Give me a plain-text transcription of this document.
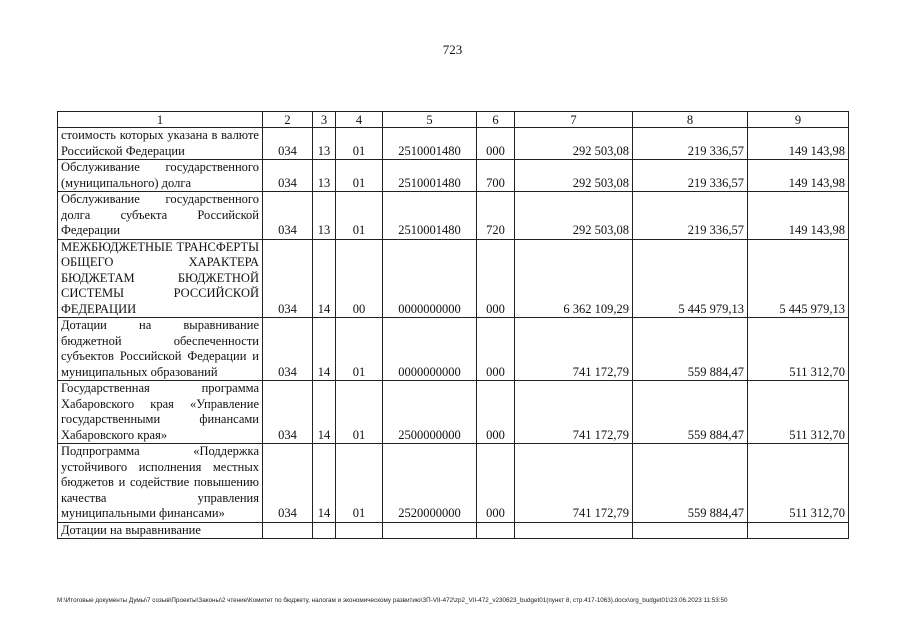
723
1	2	3	4	5	6	7	8	9
стоимость которых указана в валюте Российской Федерации	034	13	01	2510001480	000	292 503,08	219 336,57	149 143,98
Обслуживание государственного (муниципального) долга	034	13	01	2510001480	700	292 503,08	219 336,57	149 143,98
Обслуживание государственного долга субъекта Российской Федерации	034	13	01	2510001480	720	292 503,08	219 336,57	149 143,98
МЕЖБЮДЖЕТНЫЕ ТРАНСФЕРТЫ ОБЩЕГО ХАРАКТЕРА БЮДЖЕТАМ БЮДЖЕТНОЙ СИСТЕМЫ РОССИЙСКОЙ ФЕДЕРАЦИИ	034	14	00	0000000000	000	6 362 109,29	5 445 979,13	5 445 979,13
Дотации на выравнивание бюджетной обеспеченности субъектов Российской Федерации и муниципальных образований	034	14	01	0000000000	000	741 172,79	559 884,47	511 312,70
Государственная программа Хабаровского края «Управление государственными финансами Хабаровского края»	034	14	01	2500000000	000	741 172,79	559 884,47	511 312,70
Подпрограмма «Поддержка устойчивого исполнения местных бюджетов и содействие повышению качества управления муниципальными финансами»	034	14	01	2520000000	000	741 172,79	559 884,47	511 312,70
Дотации на выравнивание								
M:\Итоговые документы Думы\7 созыв\Проекты\Законы\2 чтение\Комитет по бюджету, налогам и экономическому развитию\ЗП-VII-472\zp2_VII-472_v230623_budget01(пункт 8, стр.417-1063).docx\org_budget01\23.06.2023 11:53:50
